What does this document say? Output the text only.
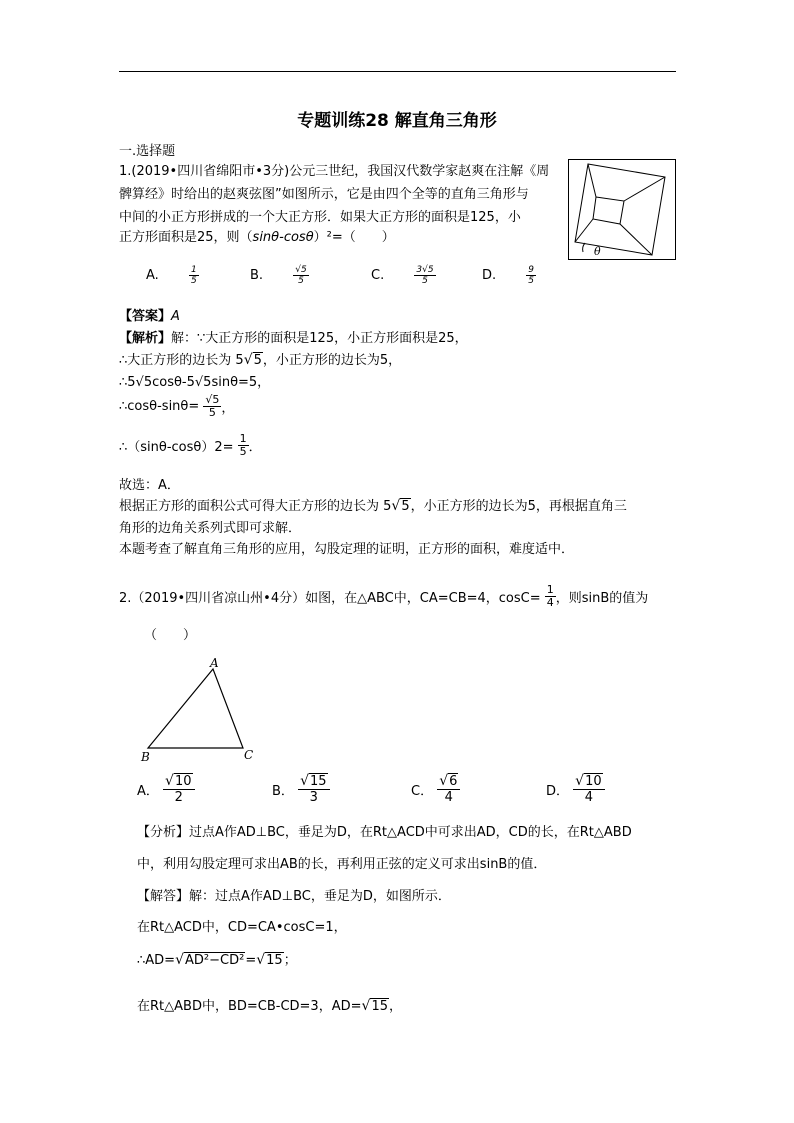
专题训练28 解直角三角形
一.选择题
1.(2019•四川省绵阳市•3分)公元三世纪，我国汉代数学家赵爽在注解《周
髀算经》时给出的赵爽弦图”如图所示，它是由四个全等的直角三角形与
中间的小正方形拼成的一个大正方形．如果大正方形的面积是125，小
正方形面积是25，则（sinθ-cosθ）²=（　　）
θ
A.	$\frac{1}{5}$	B.	$\frac{√5}{5}$	C.	$\frac{3√5}{5}$	D.	$\frac{9}{5}$
【答案】A
【解析】解：∵大正方形的面积是125，小正方形面积是25，
∴大正方形的边长为 5√5，小正方形的边长为5，
∴5√5cosθ-5√5sinθ=5，
∴cosθ-sinθ= $\frac{√5}{5}$ ，
∴（sinθ-cosθ）2= $\frac{1}{5}$ ．
故选：A．
根据正方形的面积公式可得大正方形的边长为 5√5，小正方形的边长为5，再根据直角三
角形的边角关系列式即可求解．
本题考查了解直角三角形的应用，勾股定理的证明，正方形的面积，难度适中．
2.（2019•四川省凉山州•4分）如图，在△ABC中，CA=CB=4，$\cos C= \frac{1}{4}$ ，则sinB的值为
（　　）
A
B	C
A． $\frac{√10}{2}$	B． $\frac{√15}{3}$	C． $\frac{√6}{4}$	D． $\frac{√10}{4}$
【分析】过点A作AD⊥BC，垂足为D，在Rt△ACD中可求出AD，CD的长，在Rt△ABD
中，利用勾股定理可求出AB的长，再利用正弦的定义可求出sinB的值．
【解答】解：过点A作AD⊥BC，垂足为D，如图所示．
在Rt△ACD中，CD=CA•cosC=1，
∴AD=√AD²−CD²=√15；
在Rt△ABD中，BD=CB-CD=3，AD=√15，
